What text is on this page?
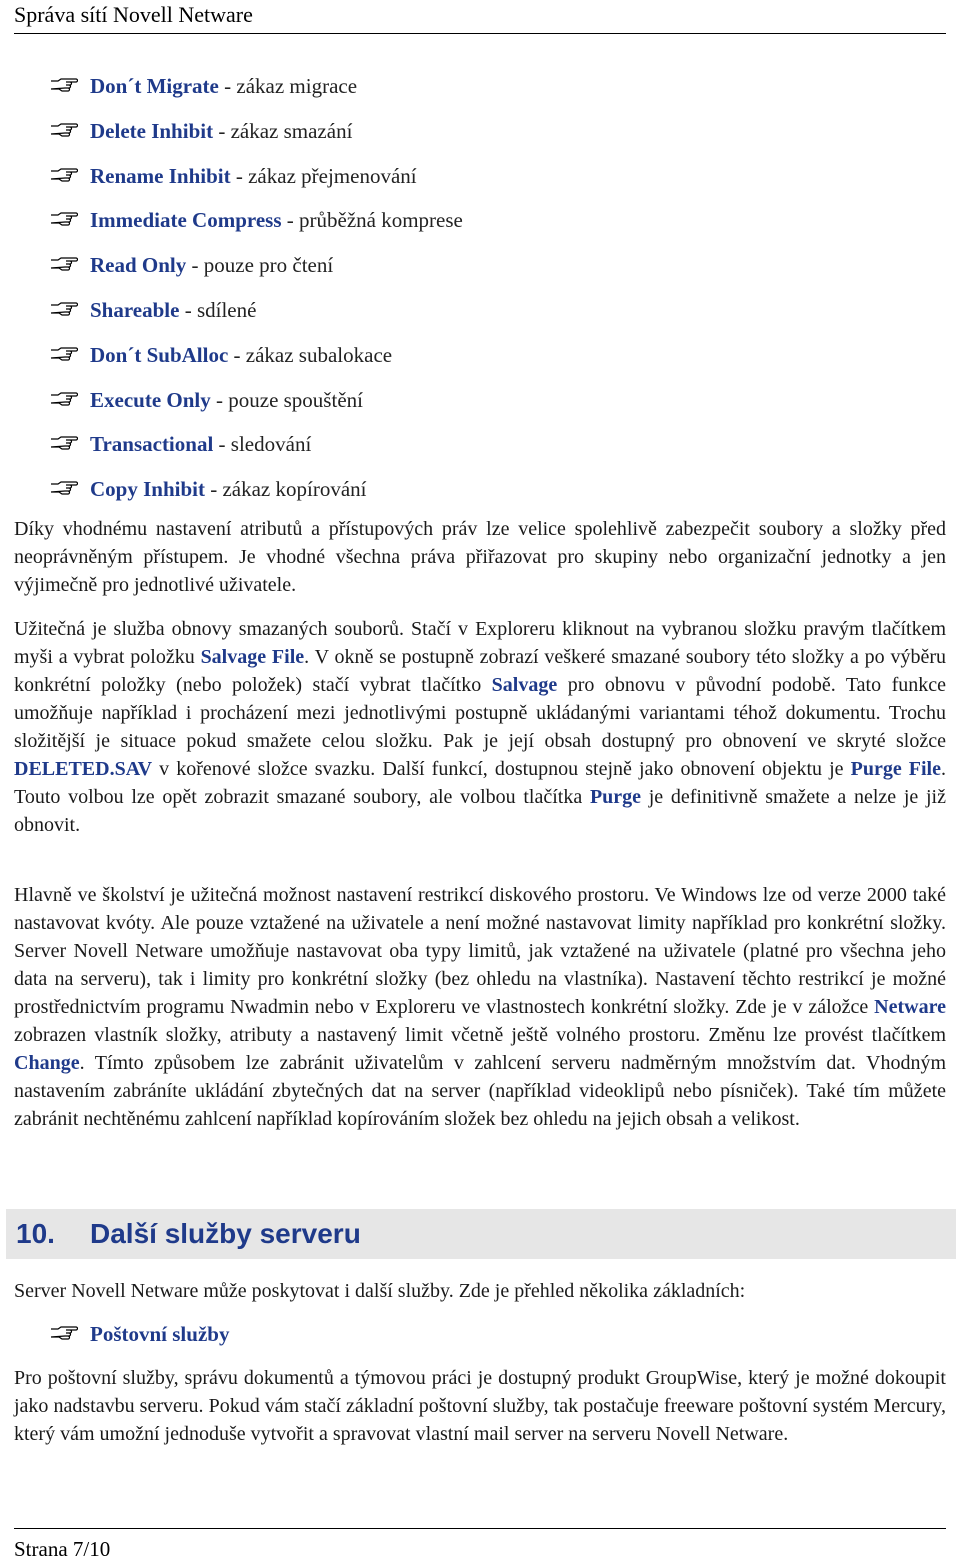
Správa sítí Novell Netware
Don´t Migrate - zákaz migrace
Delete Inhibit - zákaz smazání
Rename Inhibit - zákaz přejmenování
Immediate Compress - průběžná komprese
Read Only - pouze pro čtení
Shareable - sdílené
Don´t SubAlloc - zákaz subalokace
Execute Only - pouze spouštění
Transactional - sledování
Copy Inhibit - zákaz kopírování
Díky vhodnému nastavení atributů a přístupových práv lze velice spolehlivě zabezpečit soubory a složky před neoprávněným přístupem. Je vhodné všechna práva přiřazovat pro skupiny nebo organizační jednotky a jen výjimečně pro jednotlivé uživatele.
Užitečná je služba obnovy smazaných souborů. Stačí v Exploreru kliknout na vybranou složku pravým tlačítkem myši a vybrat položku Salvage File. V okně se postupně zobrazí veškeré smazané soubory této složky a po výběru konkrétní položky (nebo položek) stačí vybrat tlačítko Salvage pro obnovu v původní podobě. Tato funkce umožňuje například i procházení mezi jednotlivými postupně ukládanými variantami téhož dokumentu. Trochu složitější je situace pokud smažete celou složku. Pak je její obsah dostupný pro obnovení ve skryté složce DELETED.SAV v kořenové složce svazku. Další funkcí, dostupnou stejně jako obnovení objektu je Purge File. Touto volbou lze opět zobrazit smazané soubory, ale volbou tlačítka Purge je definitivně smažete a nelze je již obnovit.
Hlavně ve školství je užitečná možnost nastavení restrikcí diskového prostoru. Ve Windows lze od verze 2000 také nastavovat kvóty. Ale pouze vztažené na uživatele a není možné nastavovat limity například pro konkrétní složky. Server Novell Netware umožňuje nastavovat oba typy limitů, jak vztažené na uživatele (platné pro všechna jeho data na serveru), tak i limity pro konkrétní složky (bez ohledu na vlastníka). Nastavení těchto restrikcí je možné prostřednictvím programu Nwadmin nebo v Exploreru ve vlastnostech konkrétní složky. Zde je v záložce Netware zobrazen vlastník složky, atributy a nastavený limit včetně ještě volného prostoru. Změnu lze provést tlačítkem Change. Tímto způsobem lze zabránit uživatelům v zahlcení serveru nadměrným množstvím dat. Vhodným nastavením zabráníte ukládání zbytečných dat na server (například videoklipů nebo písniček). Také tím můžete zabránit nechtěnému zahlcení například kopírováním složek bez ohledu na jejich obsah a velikost.
10. Další služby serveru
Server Novell Netware může poskytovat i další služby. Zde je přehled několika základních:
Poštovní služby
Pro poštovní služby, správu dokumentů a týmovou práci je dostupný produkt GroupWise, který je možné dokoupit jako nadstavbu serveru. Pokud vám stačí základní poštovní služby, tak postačuje freeware poštovní systém Mercury, který vám umožní jednoduše vytvořit a spravovat vlastní mail server na serveru Novell Netware.
Strana 7/10
